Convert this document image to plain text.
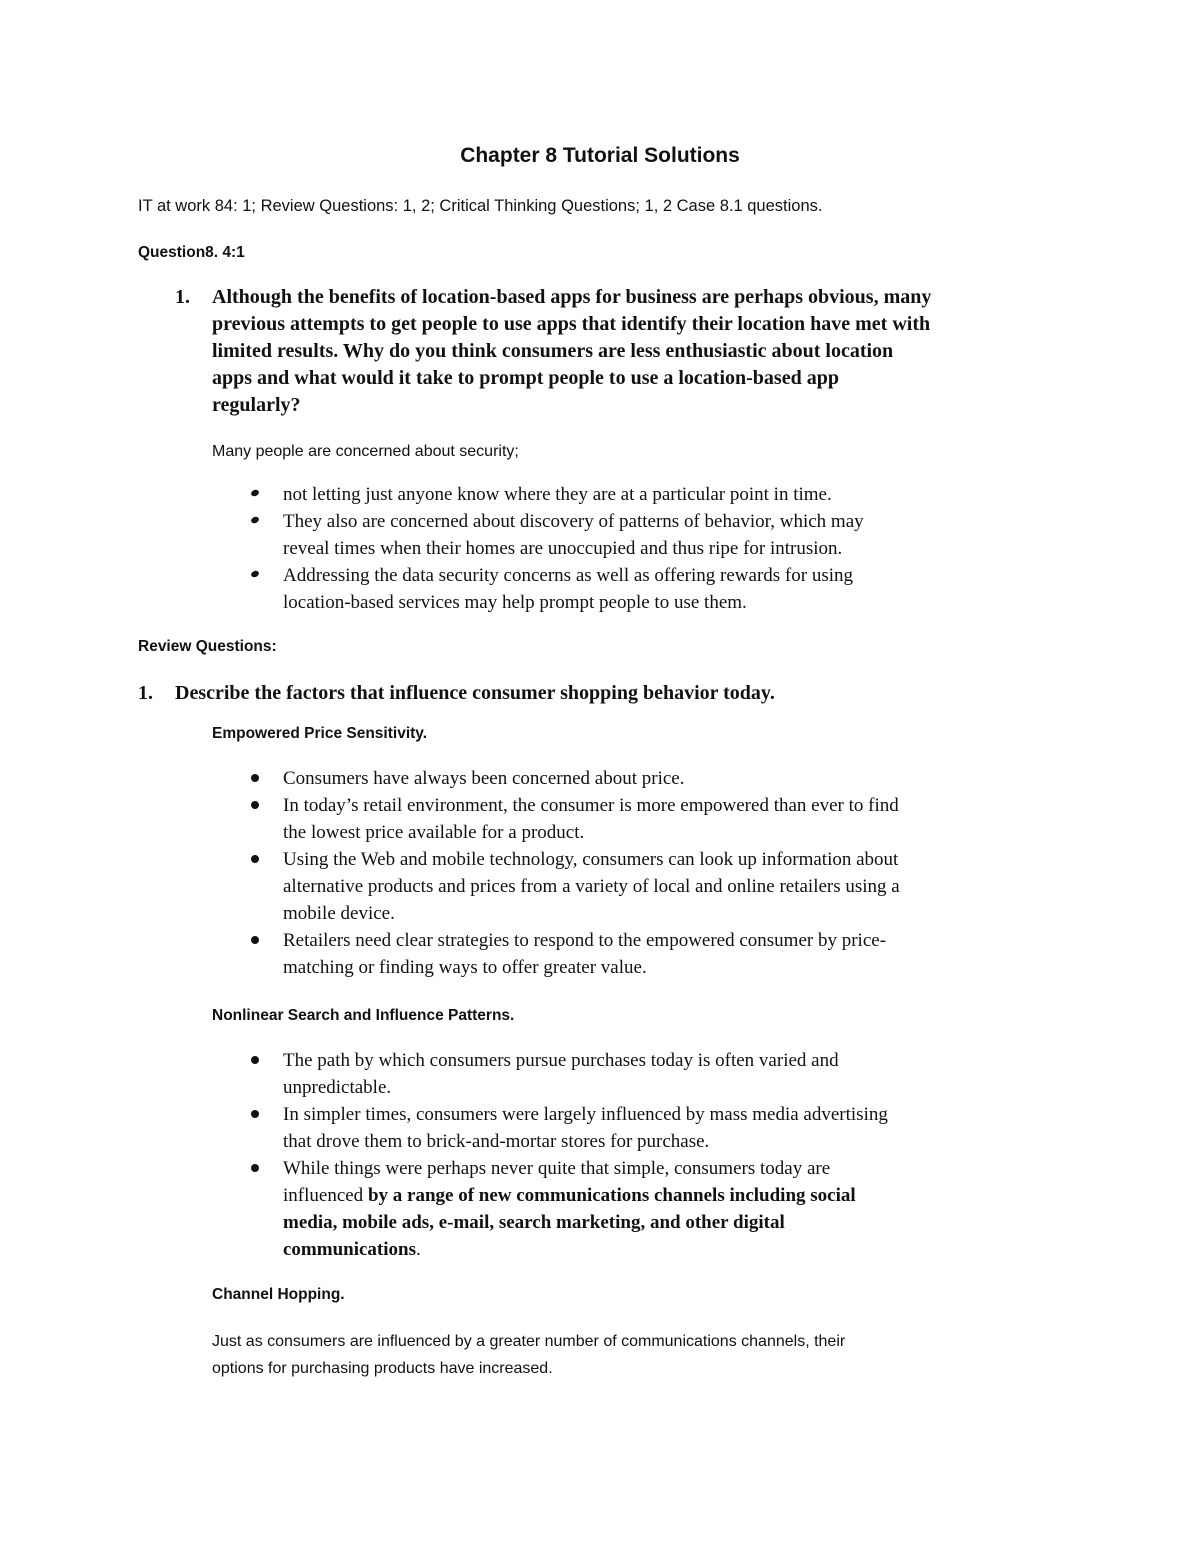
Chapter 8 Tutorial Solutions
IT at work 84: 1; Review Questions: 1, 2; Critical Thinking Questions; 1, 2 Case 8.1 questions.
Question8. 4:1
1. Although the benefits of location-based apps for business are perhaps obvious, many
previous attempts to get people to use apps that identify their location have met with
limited results. Why do you think consumers are less enthusiastic about location
apps and what would it take to prompt people to use a location-based app
regularly?
Many people are concerned about security;
not letting just anyone know where they are at a particular point in time.
They also are concerned about discovery of patterns of behavior, which may
reveal times when their homes are unoccupied and thus ripe for intrusion.
Addressing the data security concerns as well as offering rewards for using
location-based services may help prompt people to use them.
Review Questions:
1. Describe the factors that influence consumer shopping behavior today.
Empowered Price Sensitivity.
Consumers have always been concerned about price.
In today’s retail environment, the consumer is more empowered than ever to find
the lowest price available for a product.
Using the Web and mobile technology, consumers can look up information about
alternative products and prices from a variety of local and online retailers using a
mobile device.
Retailers need clear strategies to respond to the empowered consumer by price-
matching or finding ways to offer greater value.
Nonlinear Search and Influence Patterns.
The path by which consumers pursue purchases today is often varied and
unpredictable.
In simpler times, consumers were largely influenced by mass media advertising
that drove them to brick-and-mortar stores for purchase.
While things were perhaps never quite that simple, consumers today are
influenced by a range of new communications channels including social
media, mobile ads, e-mail, search marketing, and other digital
communications.
Channel Hopping.
Just as consumers are influenced by a greater number of communications channels, their
options for purchasing products have increased.
